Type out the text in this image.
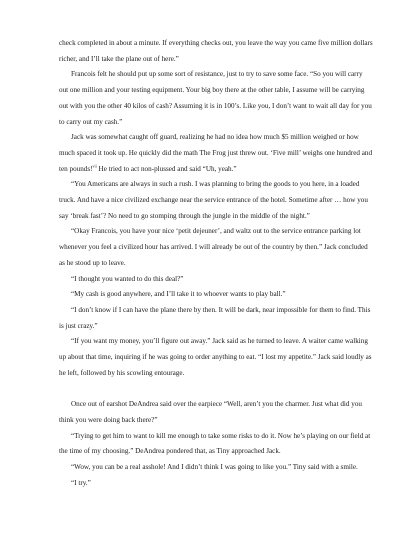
check completed in about a minute. If everything checks out, you leave the way you came five million dollars richer, and I’ll take the plane out of here.”

Francois felt he should put up some sort of resistance, just to try to save some face. “So you will carry out one million and your testing equipment. Your big boy there at the other table, I assume will be carrying out with you the other 40 kilos of cash? Assuming it is in 100’s. Like you, I don’t want to wait all day for you to carry out my cash.”

Jack was somewhat caught off guard, realizing he had no idea how much $5 million weighed or how much spaced it took up. He quickly did the math The Frog just threw out. ‘Five mill’ weighs one hundred and ten pounds!$^{vii}$ He tried to act non-plussed and said “Uh, yeah.”

“You Americans are always in such a rush. I was planning to bring the goods to you here, in a loaded truck. And have a nice civilized exchange near the service entrance of the hotel. Sometime after … how you say ‘break fast’? No need to go stomping through the jungle in the middle of the night.”

“Okay Francois, you have your nice ‘petit dejeuner’, and waltz out to the service entrance parking lot whenever you feel a civilized hour has arrived. I will already be out of the country by then.” Jack concluded as he stood up to leave.

“I thought you wanted to do this deal?”

“My cash is good anywhere, and I’ll take it to whoever wants to play ball.”

“I don’t know if I can have the plane there by then. It will be dark, near impossible for them to find. This is just crazy.”

“If you want my money, you’ll figure out away.” Jack said as he turned to leave. A waiter came walking up about that time, inquiring if he was going to order anything to eat. “I lost my appetite.” Jack said loudly as he left, followed by his scowling entourage.

Once out of earshot DeAndrea said over the earpiece “Well, aren’t you the charmer. Just what did you think you were doing back there?”

“Trying to get him to want to kill me enough to take some risks to do it. Now he’s playing on our field at the time of my choosing.” DeAndrea pondered that, as Tiny approached Jack.

“Wow, you can be a real asshole! And I didn’t think I was going to like you.” Tiny said with a smile.

“I try.”
